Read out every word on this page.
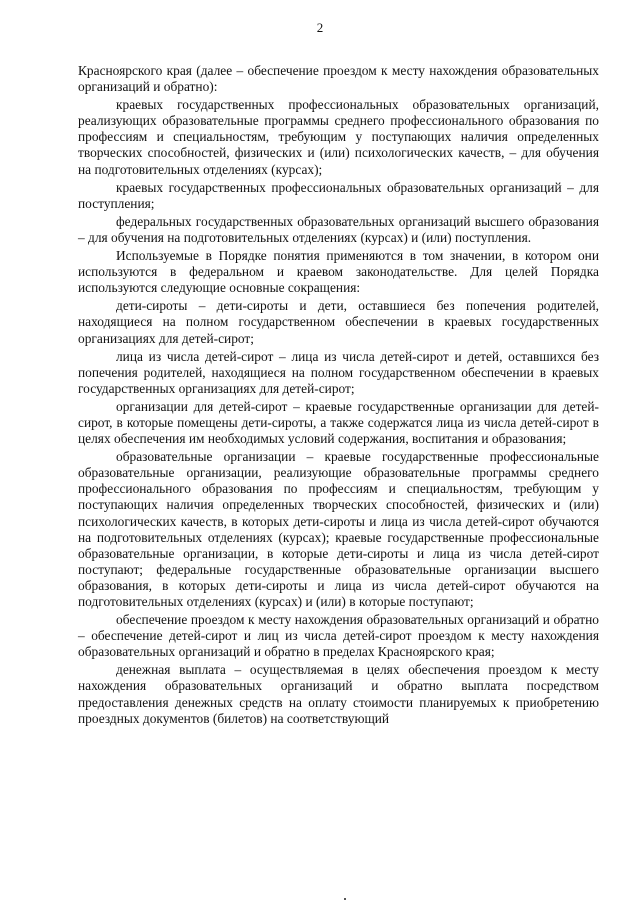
2

Красноярского края (далее – обеспечение проездом к месту нахождения образовательных организаций и обратно):

краевых государственных профессиональных образовательных организаций, реализующих образовательные программы среднего профессионального образования по профессиям и специальностям, требующим у поступающих наличия определенных творческих способностей, физических и (или) психологических качеств, – для обучения на подготовительных отделениях (курсах);

краевых государственных профессиональных образовательных организаций – для поступления;

федеральных государственных образовательных организаций высшего образования – для обучения на подготовительных отделениях (курсах) и (или) поступления.

Используемые в Порядке понятия применяются в том значении, в котором они используются в федеральном и краевом законодательстве. Для целей Порядка используются следующие основные сокращения:

дети-сироты – дети-сироты и дети, оставшиеся без попечения родителей, находящиеся на полном государственном обеспечении в краевых государственных организациях для детей-сирот;

лица из числа детей-сирот – лица из числа детей-сирот и детей, оставшихся без попечения родителей, находящиеся на полном государственном обеспечении в краевых государственных организациях для детей-сирот;

организации для детей-сирот – краевые государственные организации для детей-сирот, в которые помещены дети-сироты, а также содержатся лица из числа детей-сирот в целях обеспечения им необходимых условий содержания, воспитания и образования;

образовательные организации – краевые государственные профессиональные образовательные организации, реализующие образовательные программы среднего профессионального образования по профессиям и специальностям, требующим у поступающих наличия определенных творческих способностей, физических и (или) психологических качеств, в которых дети-сироты и лица из числа детей-сирот обучаются на подготовительных отделениях (курсах); краевые государственные профессиональные образовательные организации, в которые дети-сироты и лица из числа детей-сирот поступают; федеральные государственные образовательные организации высшего образования, в которых дети-сироты и лица из числа детей-сирот обучаются на подготовительных отделениях (курсах) и (или) в которые поступают;

обеспечение проездом к месту нахождения образовательных организаций и обратно – обеспечение детей-сирот и лиц из числа детей-сирот проездом к месту нахождения образовательных организаций и обратно в пределах Красноярского края;

денежная выплата – осуществляемая в целях обеспечения проездом к месту нахождения образовательных организаций и обратно выплата посредством предоставления денежных средств на оплату стоимости планируемых к приобретению проездных документов (билетов) на соответствующий
